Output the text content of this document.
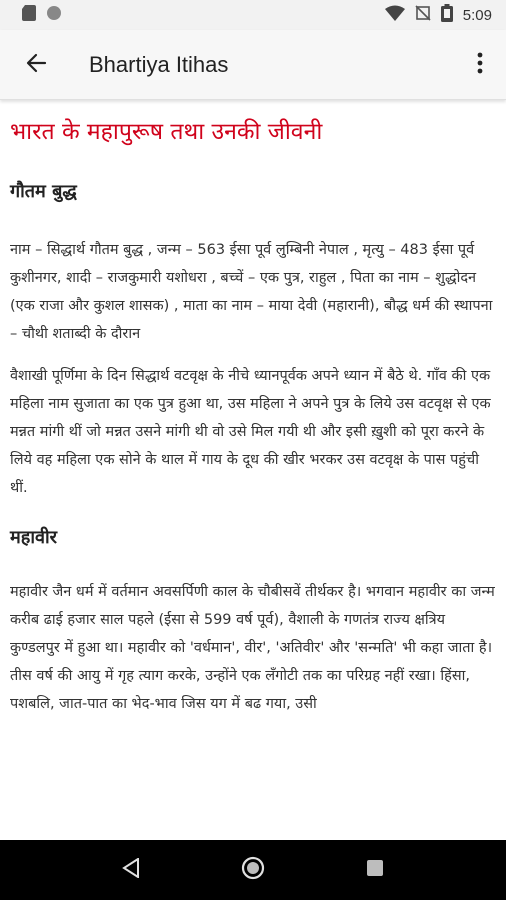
5:09
Bhartiya Itihas
भारत के महापुरूष तथा उनकी जीवनी
गौतम बुद्ध

नाम – सिद्धार्थ गौतम बुद्ध , जन्म – 563 ईसा पूर्व लुम्बिनी नेपाल , मृत्यु – 483 ईसा पूर्व कुशीनगर, शादी – राजकुमारी यशोधरा , बच्चें – एक पुत्र, राहुल , पिता का नाम – शुद्धोदन (एक राजा और कुशल शासक) , माता का नाम – माया देवी (महारानी), बौद्ध धर्म की स्थापना – चौथी शताब्दी के दौरान

वैशाखी पूर्णिमा के दिन सिद्धार्थ वटवृक्ष के नीचे ध्यानपूर्वक अपने ध्यान में बैठे थे. गाँव की एक महिला नाम सुजाता का एक पुत्र हुआ था, उस महिला ने अपने पुत्र के लिये उस वटवृक्ष से एक मन्नत मांगी थीं जो मन्नत उसने मांगी थी वो उसे मिल गयी थी और इसी ख़ुशी को पूरा करने के लिये वह महिला एक सोने के थाल में गाय के दूध की खीर भरकर उस वटवृक्ष के पास पहुंची थीं.

महावीर

महावीर जैन धर्म में वर्तमान अवसर्पिणी काल के चौबीसवें तीर्थकर है। भगवान महावीर का जन्म करीब ढाई हजार साल पहले (ईसा से 599 वर्ष पूर्व), वैशाली के गणतंत्र राज्य क्षत्रिय कुण्डलपुर में हुआ था। महावीर को 'वर्धमान', वीर', 'अतिवीर' और 'सन्मति' भी कहा जाता है। तीस वर्ष की आयु में गृह त्याग करके, उन्होंने एक लँगोटी तक का परिग्रह नहीं रखा। हिंसा, पशबलि, जात-पात का भेद-भाव जिस यग में बढ गया, उसी
